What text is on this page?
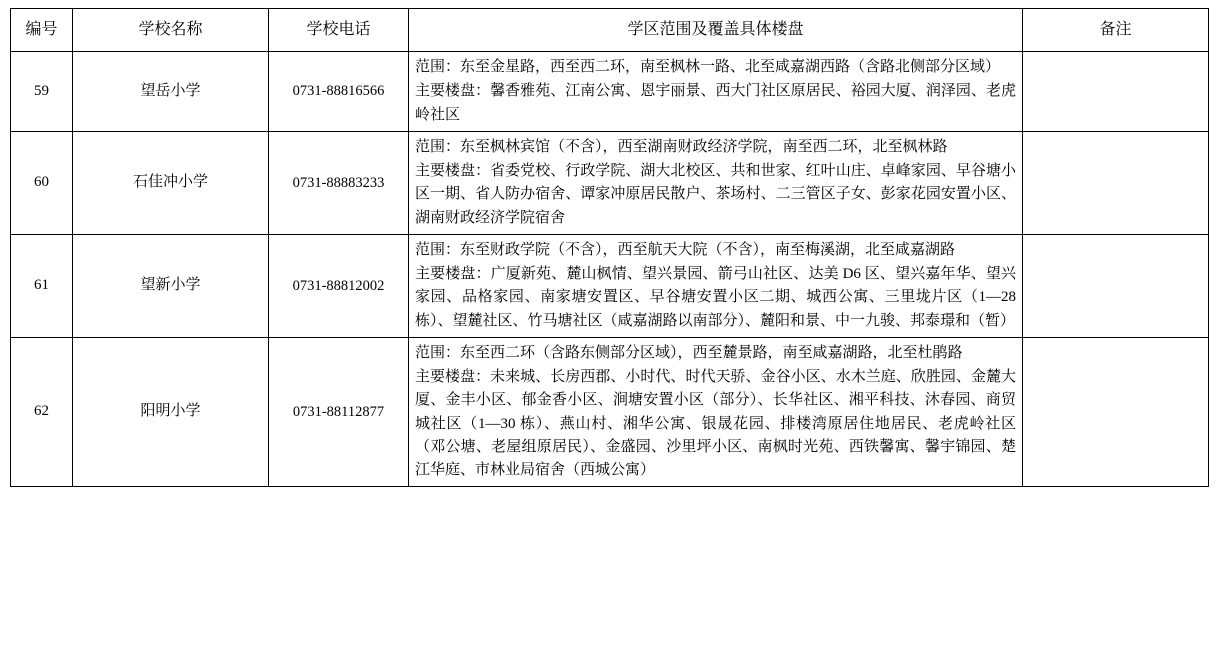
编号	学校名称	学校电话	学区范围及覆盖具体楼盘	备注
59	望岳小学	0731-88816566	范围：东至金星路，西至西二环，南至枫林一路、北至咸嘉湖西路（含路北侧部分区域）

主要楼盘：馨香雅苑、江南公寓、恩宇丽景、西大门社区原居民、裕园大厦、润泽园、老虎岭社区	

60	石佳冲小学	0731-88883233	范围：东至枫林宾馆（不含），西至湖南财政经济学院，南至西二环，北至枫林路

主要楼盘：省委党校、行政学院、湖大北校区、共和世家、红叶山庄、卓峰家园、早谷塘小区一期、省人防办宿舍、谭家冲原居民散户、茶场村、二三管区子女、彭家花园安置小区、湖南财政经济学院宿舍	

61	望新小学	0731-88812002	范围：东至财政学院（不含），西至航天大院（不含），南至梅溪湖，北至咸嘉湖路

主要楼盘：广厦新苑、麓山枫情、望兴景园、箭弓山社区、达美 D6 区、望兴嘉年华、望兴家园、品格家园、南家塘安置区、早谷塘安置小区二期、城西公寓、三里垅片区（1—28 栋）、望麓社区、竹马塘社区（咸嘉湖路以南部分）、麓阳和景、中一九骏、邦泰璟和（暂）	

62	阳明小学	0731-88112877	范围：东至西二环（含路东侧部分区域），西至麓景路，南至咸嘉湖路，北至杜鹃路

主要楼盘：未来城、长房西郡、小时代、时代天骄、金谷小区、水木兰庭、欣胜园、金麓大厦、金丰小区、郁金香小区、涧塘安置小区（部分）、长华社区、湘平科技、沐春园、商贸城社区（1—30 栋）、燕山村、湘华公寓、银晟花园、排楼湾原居住地居民、老虎岭社区（邓公塘、老屋组原居民）、金盛园、沙里坪小区、南枫时光苑、西铁馨寓、馨宇锦园、楚江华庭、市林业局宿舍（西城公寓）	
